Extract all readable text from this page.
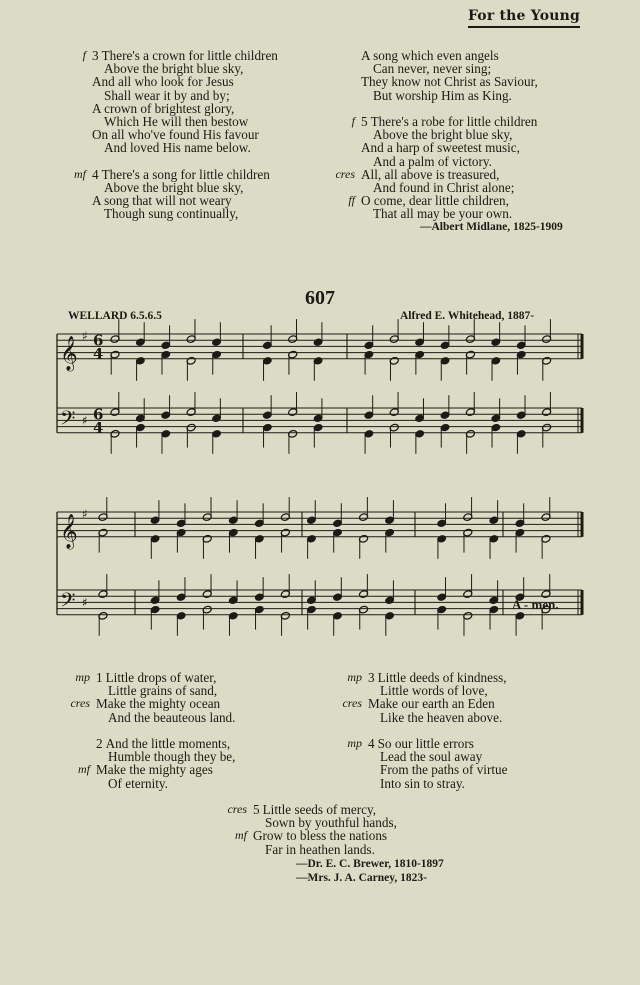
For the Young
f 3 There's a crown for little children
Above the bright blue sky,
And all who look for Jesus
Shall wear it by and by;
A crown of brightest glory,
Which He will then bestow
On all who've found His favour
And loved His name below.
mf 4 There's a song for little children
Above the bright blue sky,
A song that will not weary
Though sung continually,
A song which even angels
Can never, never sing;
They know not Christ as Saviour,
But worship Him as King.
f 5 There's a robe for little children
Above the bright blue sky,
And a harp of sweetest music,
And a palm of victory.
cres All, all above is treasured,
And found in Christ alone;
ff O come, dear little children,
That all may be your own.
—Albert Midlane, 1825-1909
607
WELLARD 6.5.6.5	Alfred E. Whitehead, 1887-
𝄞
𝄢
♯
♯
6
4
6
4
𝄞
𝄢
♯
♯	A - men.
mp 1 Little drops of water,
Little grains of sand,
cres Make the mighty ocean
And the beauteous land.
2 And the little moments,
Humble though they be,
mf Make the mighty ages
Of eternity.
mp 3 Little deeds of kindness,
Little words of love,
cres Make our earth an Eden
Like the heaven above.
mp 4 So our little errors
Lead the soul away
From the paths of virtue
Into sin to stray.
cres 5 Little seeds of mercy,
Sown by youthful hands,
mf Grow to bless the nations
Far in heathen lands.
—Dr. E. C. Brewer, 1810-1897
—Mrs. J. A. Carney, 1823-
